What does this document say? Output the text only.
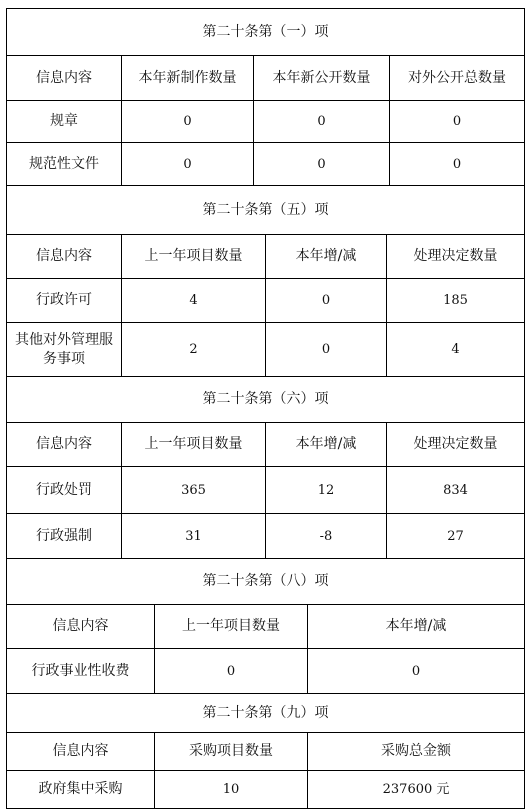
第二十条第（一）项			
信息内容	本年新制作数量	本年新公开数量	对外公开总数量
规章	0	0	0
规范性文件	0	0	0
第二十条第（五）项			
信息内容	上一年项目数量	本年增/减	处理决定数量
行政许可	4	0	185
其他对外管理服务事项	2	0	4
第二十条第（六）项			
信息内容	上一年项目数量	本年增/减	处理决定数量
行政处罚	365	12	834
行政强制	31	-8	27
第二十条第（八）项		
信息内容	上一年项目数量	本年增/减
行政事业性收费	0	0
第二十条第（九）项		
信息内容	采购项目数量	采购总金额
政府集中采购	10	237600 元
